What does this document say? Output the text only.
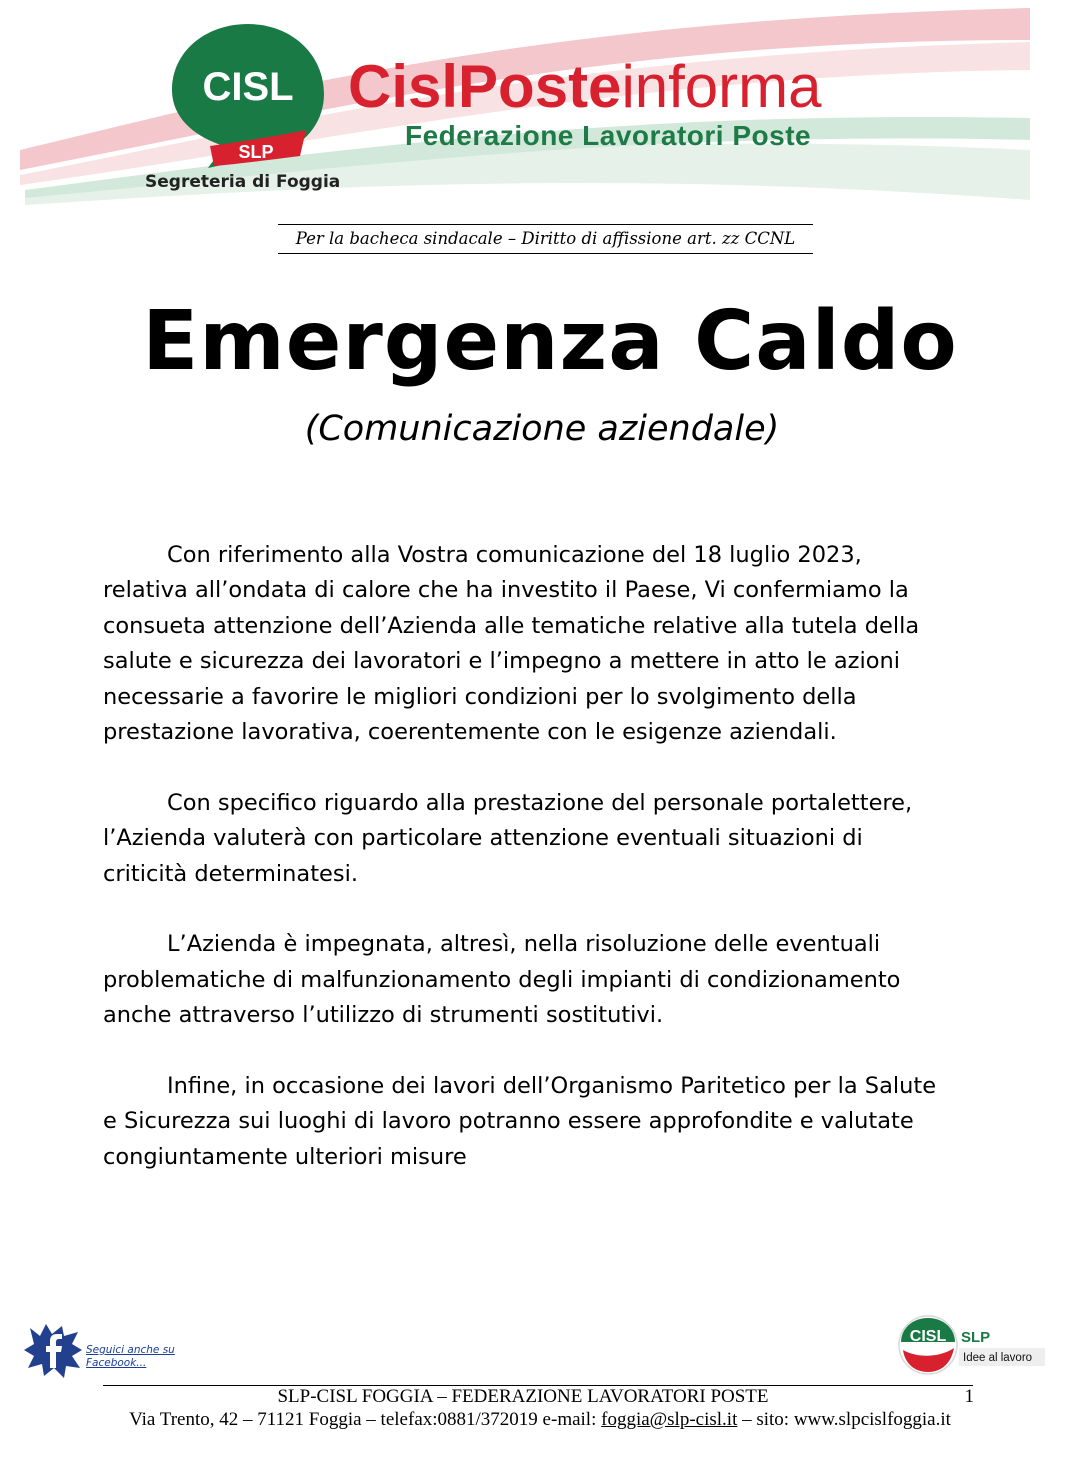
CISL
SLP
CislPosteinforma
Federazione Lavoratori Poste
Segreteria di Foggia
Per la bacheca sindacale – Diritto di affissione art. zz CCNL
Emergenza Caldo
(Comunicazione aziendale)

Con riferimento alla Vostra comunicazione del 18 luglio 2023,
relativa all’ondata di calore che ha investito il Paese, Vi confermiamo la
consueta attenzione dell’Azienda alle tematiche relative alla tutela della
salute e sicurezza dei lavoratori e l’impegno a mettere in atto le azioni
necessarie a favorire le migliori condizioni per lo svolgimento della
prestazione lavorativa, coerentemente con le esigenze aziendali.

Con specifico riguardo alla prestazione del personale portalettere,
l’Azienda valuterà con particolare attenzione eventuali situazioni di
criticità determinatesi.

L’Azienda è impegnata, altresì, nella risoluzione delle eventuali
problematiche di malfunzionamento degli impianti di condizionamento
anche attraverso l’utilizzo di strumenti sostitutivi.

Infine, in occasione dei lavori dell’Organismo Paritetico per la Salute
e Sicurezza sui luoghi di lavoro potranno essere approfondite e valutate
congiuntamente ulteriori misure

Seguici anche su
Facebook...
CISL SLP
Idee al lavoro
SLP-CISL FOGGIA – FEDERAZIONE LAVORATORI POSTE	1
Via Trento, 42 – 71121 Foggia – telefax:0881/372019 e-mail: foggia@slp-cisl.it – sito: www.slpcislfoggia.it
